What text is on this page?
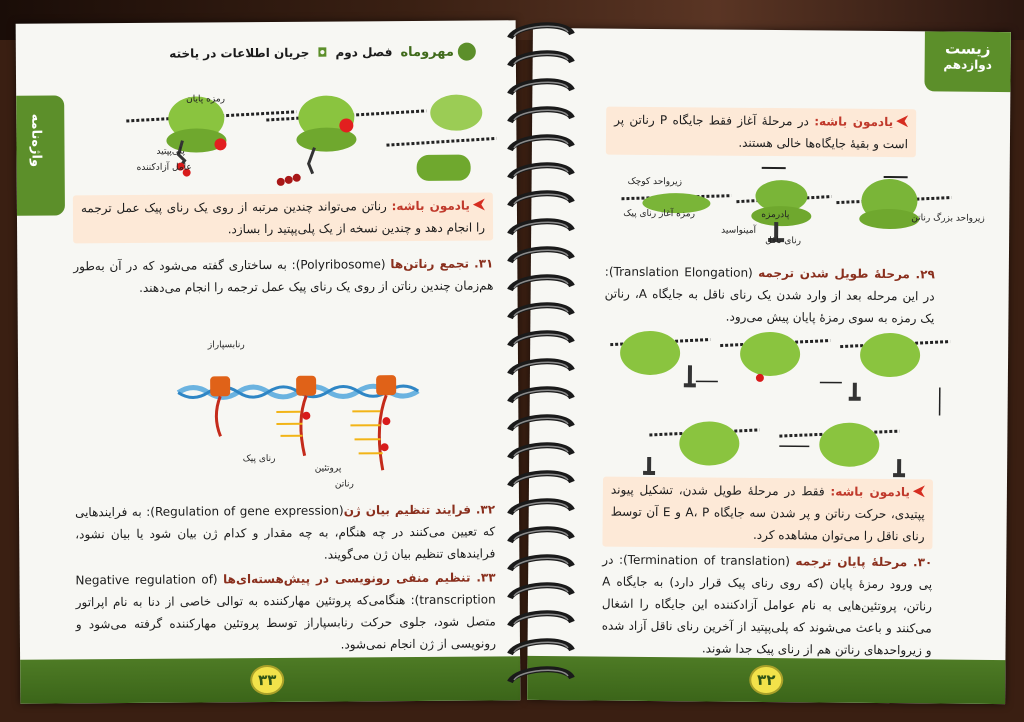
واژه‌نامه
مهروماه
فصل دوم
◘
جریان اطلاعات در یاخته
رمزه پایان
پلی‌پپتید
عامل آزادکننده
یادمون باشه: رنا‌تن می‌تواند چندین مرتبه از روی یک رنای پیک عمل ترجمه را انجام دهد و چندین نسخه از یک پلی‌پپتید را بسازد.
۳۱. تجمع رناتن‌ها (Polyribosome): به ساختاری گفته می‌شود که در آن به‌طور هم‌زمان چندین رناتن از روی یک رنای پیک عمل ترجمه را انجام می‌دهند.
رنابسپاراز
رنای پیک
پروتئین
رناتن
۳۲. فرایند تنظیم بیان ژن(Regulation of gene expression): به فرایندهایی که تعیین می‌کنند در چه هنگام، به چه مقدار و کدام ژن بیان شود یا بیان نشود، فرایندهای تنظیم بیان ژن می‌گویند.
۳۳. تنظیم منفی رونویسی در پیش‌هسته‌ای‌ها (Negative regulation of transcription): هنگامی‌که پروتئین مهارکننده به توالی خاصی از دنا به نام اپراتور متصل شود، جلوی حرکت رنابسپاراز توسط پروتئین مهارکننده گرفته می‌شود و رونویسی از ژن انجام نمی‌شود.
۳۳
زیست
دوازدهم
یادمون باشه: در مرحلهٔ آغاز فقط جایگاه P رناتن پر است و بقیهٔ جایگاه‌ها خالی هستند.
زیرواحد کوچک
رمزه آغاز رنای پیک
آمینواسید
رنای ناقل
پادرمزه	زیرواحد بزرگ رناتن
۲۹. مرحلهٔ طویل شدن ترجمه (Translation Elongation): در این مرحله بعد از وارد شدن یک رنای ناقل به جایگاه A، رناتن یک رمزه به سوی رمزهٔ پایان پیش می‌رود.
یادمون باشه: فقط در مرحلهٔ طویل شدن، تشکیل پیوند پپتیدی، حرکت رناتن و پر شدن سه جایگاه A، P و E آن توسط رنای ناقل را می‌توان مشاهده کرد.
۳۰. مرحلهٔ پایان ترجمه (Termination of translation): در پی ورود رمزهٔ پایان (که روی رنای پیک قرار دارد) به جایگاه A رناتن، پروتئین‌هایی به نام عوامل آزادکننده این جایگاه را اشغال می‌کنند و باعث می‌شوند که پلی‌پپتید از آخرین رنای ناقل آزاد شده و زیرواحدهای رناتن هم از رنای پیک جدا شوند.
۳۲
